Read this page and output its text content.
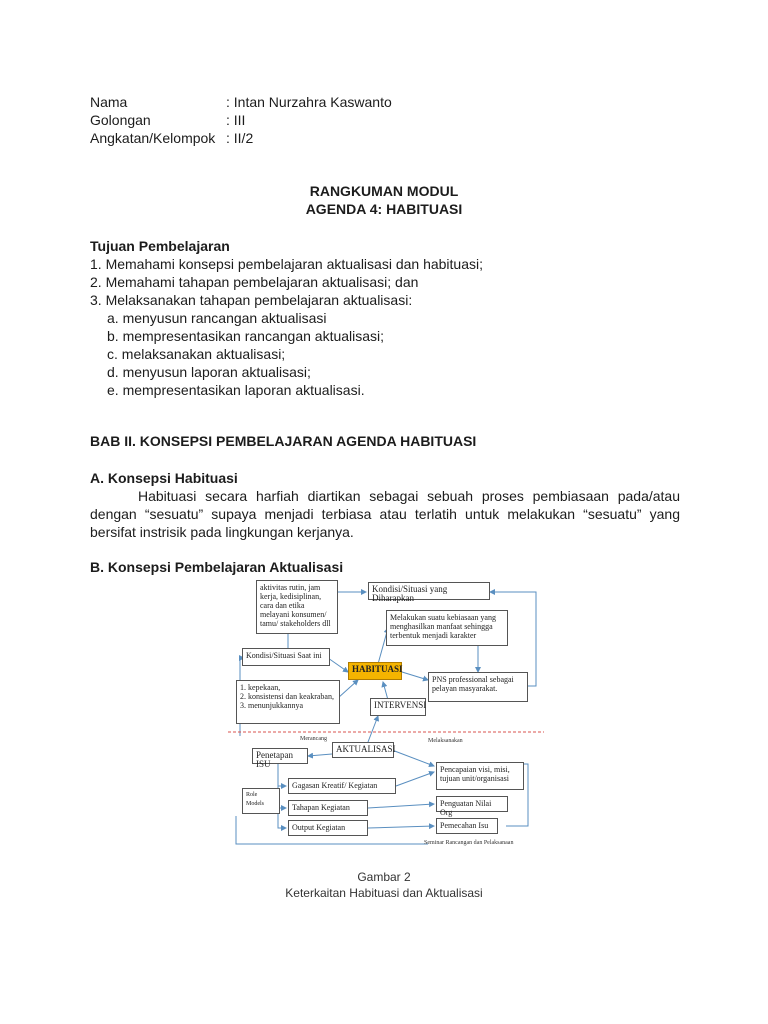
Nama	: Intan Nurzahra Kaswanto
Golongan	: III
Angkatan/Kelompok : II/2
RANGKUMAN MODUL
AGENDA 4: HABITUASI
Tujuan Pembelajaran
1. Memahami konsepsi pembelajaran aktualisasi dan habituasi;
2. Memahami tahapan pembelajaran aktualisasi; dan
3. Melaksanakan tahapan pembelajaran aktualisasi:
a. menyusun rancangan aktualisasi
b. mempresentasikan rancangan aktualisasi;
c. melaksanakan aktualisasi;
d. menyusun laporan aktualisasi;
e. mempresentasikan laporan aktualisasi.
BAB II. KONSEPSI PEMBELAJARAN AGENDA HABITUASI
A. Konsepsi Habituasi
Habituasi secara harfiah diartikan sebagai sebuah proses pembiasaan pada/atau dengan “sesuatu” supaya menjadi terbiasa atau terlatih untuk melakukan “sesuatu” yang bersifat instrisik pada lingkungan kerjanya.
B. Konsepsi Pembelajaran Aktualisasi
aktivitas rutin, jam kerja, kedisiplinan, cara dan etika melayani konsumen/ tamu/ stakeholders dll
Kondisi/Situasi yang Diharapkan
Melakukan suatu kebiasaan yang menghasilkan manfaat sehingga terbentuk menjadi karakter
Kondisi/Situasi Saat ini
HABITUASI
PNS professional sebagai pelayan masyarakat.
1. kepekaan,
2. konsistensi dan keakraban,
3. menunjukkannya	INTERVENSI
Merancang
AKTUALISASI
Melaksanakan
Penetapan ISU
Pencapaian visi, misi, tujuan unit/organisasi
Role Models
Gagasan Kreatif/ Kegiatan
Tahapan Kegiatan	Penguatan Nilai Org
Output Kegiatan	Pemecahan Isu
Seminar Rancangan dan Pelaksanaan
Gambar 2
Keterkaitan Habituasi dan Aktualisasi
